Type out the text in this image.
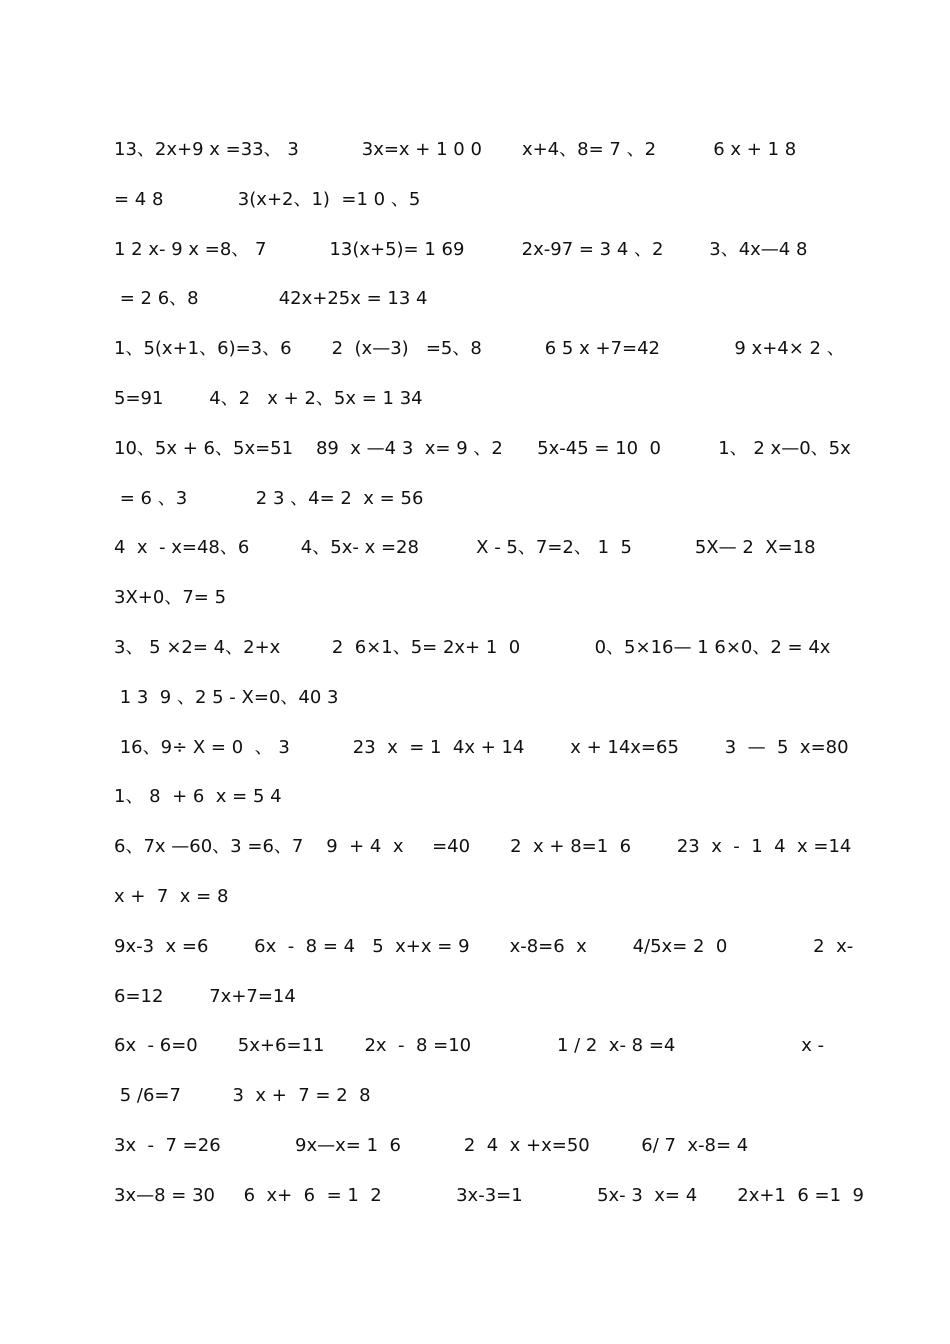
13、2x+9 x =33、 3           3x=x + 1 0 0       x+4、8= 7 、2          6 x + 1 8
= 4 8             3(x+2、1)  =1 0 、5
1 2 x- 9 x =8、 7           13(x+5)= 1 69          2x-97 = 3 4 、2        3、4x—4 8
= 2 6、8              42x+25x = 13 4
1、5(x+1、6)=3、6       2  (x—3)   =5、8           6 5 x +7=42             9 x+4× 2 、
5=91        4、2   x + 2、5x = 1 34
10、5x + 6、5x=51    89  x —4 3  x= 9 、2      5x-45 = 10  0          1、 2 x—0、5x
= 6 、3            2 3 、4= 2  x = 56
4  x  - x=48、6         4、5x- x =28          X - 5、7=2、 1  5           5X— 2  X=18
3X+0、7= 5
3、 5 ×2= 4、2+x         2  6×1、5= 2x+ 1  0             0、5×16— 1 6×0、2 = 4x
1 3  9 、2 5 - X=0、40 3
16、9÷ X = 0  、 3           23  x  = 1  4x + 14        x + 14x=65        3  —  5  x=80
1、 8  + 6  x = 5 4
6、7x —60、3 =6、7    9  + 4  x     =40       2  x + 8=1  6        23  x  -  1  4  x =14
x +  7  x = 8
9x-3  x =6        6x  -  8 = 4   5  x+x = 9       x-8=6  x        4/5x= 2  0               2  x-
6=12        7x+7=14
6x  - 6=0       5x+6=11       2x  -  8 =10               1 / 2  x- 8 =4                      x -
5 /6=7         3  x +  7 = 2  8
3x  -  7 =26             9x—x= 1  6           2  4  x +x=50         6/ 7  x-8= 4
3x—8 = 30     6  x+  6  = 1  2             3x-3=1             5x- 3  x= 4       2x+1  6 =1  9
